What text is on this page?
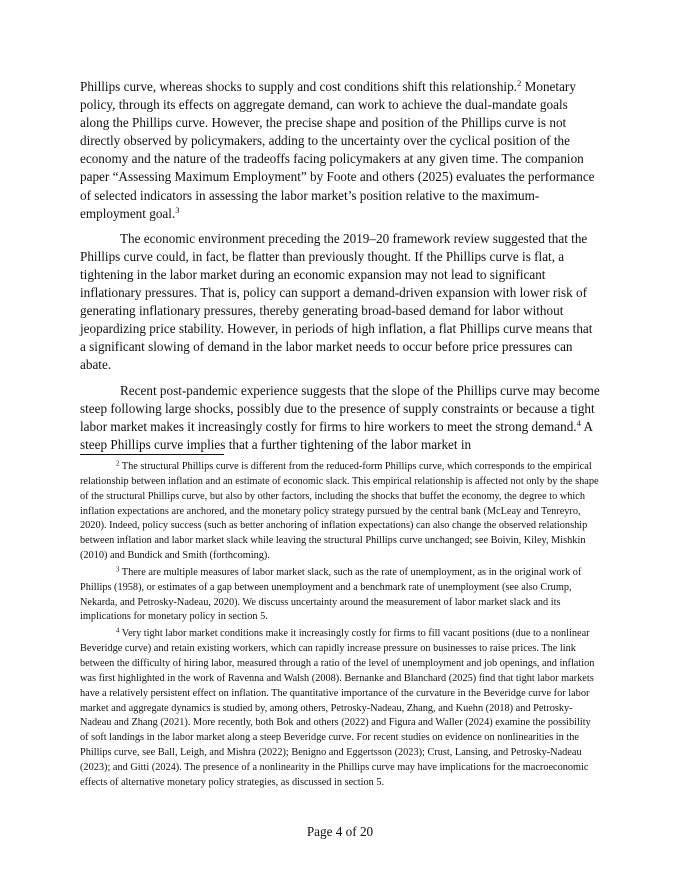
Phillips curve, whereas shocks to supply and cost conditions shift this relationship.$^2$ Monetary policy, through its effects on aggregate demand, can work to achieve the dual-mandate goals along the Phillips curve. However, the precise shape and position of the Phillips curve is not directly observed by policymakers, adding to the uncertainty over the cyclical position of the economy and the nature of the tradeoffs facing policymakers at any given time. The companion paper “Assessing Maximum Employment” by Foote and others (2025) evaluates the performance of selected indicators in assessing the labor market’s position relative to the maximum-employment goal.$^3$

The economic environment preceding the 2019–20 framework review suggested that the Phillips curve could, in fact, be flatter than previously thought. If the Phillips curve is flat, a tightening in the labor market during an economic expansion may not lead to significant inflationary pressures. That is, policy can support a demand-driven expansion with lower risk of generating inflationary pressures, thereby generating broad-based demand for labor without jeopardizing price stability. However, in periods of high inflation, a flat Phillips curve means that a significant slowing of demand in the labor market needs to occur before price pressures can abate.

Recent post-pandemic experience suggests that the slope of the Phillips curve may become steep following large shocks, possibly due to the presence of supply constraints or because a tight labor market makes it increasingly costly for firms to hire workers to meet the strong demand.$^4$ A steep Phillips curve implies that a further tightening of the labor market in

$^2$ The structural Phillips curve is different from the reduced-form Phillips curve, which corresponds to the empirical relationship between inflation and an estimate of economic slack. This empirical relationship is affected not only by the shape of the structural Phillips curve, but also by other factors, including the shocks that buffet the economy, the degree to which inflation expectations are anchored, and the monetary policy strategy pursued by the central bank (McLeay and Tenreyro, 2020). Indeed, policy success (such as better anchoring of inflation expectations) can also change the observed relationship between inflation and labor market slack while leaving the structural Phillips curve unchanged; see Boivin, Kiley, Mishkin (2010) and Bundick and Smith (forthcoming).

$^3$ There are multiple measures of labor market slack, such as the rate of unemployment, as in the original work of Phillips (1958), or estimates of a gap between unemployment and a benchmark rate of unemployment (see also Crump, Nekarda, and Petrosky-Nadeau, 2020). We discuss uncertainty around the measurement of labor market slack and its implications for monetary policy in section 5.

$^4$ Very tight labor market conditions make it increasingly costly for firms to fill vacant positions (due to a nonlinear Beveridge curve) and retain existing workers, which can rapidly increase pressure on businesses to raise prices. The link between the difficulty of hiring labor, measured through a ratio of the level of unemployment and job openings, and inflation was first highlighted in the work of Ravenna and Walsh (2008). Bernanke and Blanchard (2025) find that tight labor markets have a relatively persistent effect on inflation. The quantitative importance of the curvature in the Beveridge curve for labor market and aggregate dynamics is studied by, among others, Petrosky-Nadeau, Zhang, and Kuehn (2018) and Petrosky-Nadeau and Zhang (2021). More recently, both Bok and others (2022) and Figura and Waller (2024) examine the possibility of soft landings in the labor market along a steep Beveridge curve. For recent studies on evidence on nonlinearities in the Phillips curve, see Ball, Leigh, and Mishra (2022); Benigno and Eggertsson (2023); Crust, Lansing, and Petrosky-Nadeau (2023); and Gitti (2024). The presence of a nonlinearity in the Phillips curve may have implications for the macroeconomic effects of alternative monetary policy strategies, as discussed in section 5.

Page 4 of 20
